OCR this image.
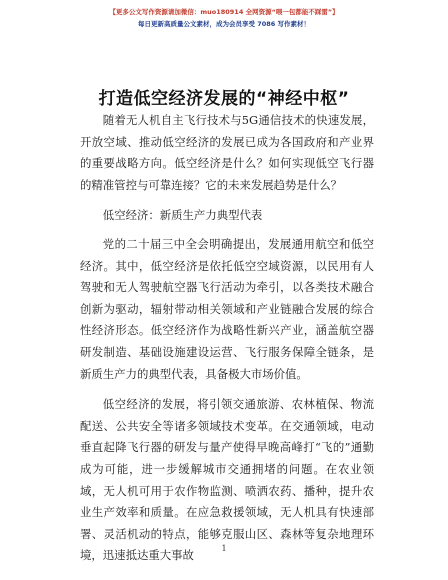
【更多公文写作资源请加微信：muo180914 全网资源“喂一包都能不踩雷”】
每日更新高质量公文素材，成为会员享受 7086 写作素材！
打造低空经济发展的“神经中枢”

随着无人机自主飞行技术与5G通信技术的快速发展，开放空域、推动低空经济的发展已成为各国政府和产业界的重要战略方向。低空经济是什么？如何实现低空飞行器的精准管控与可靠连接？它的未来发展趋势是什么？

低空经济：新质生产力典型代表

党的二十届三中全会明确提出，发展通用航空和低空经济。其中，低空经济是依托低空空域资源，以民用有人驾驶和无人驾驶航空器飞行活动为牵引，以各类技术融合创新为驱动，辐射带动相关领域和产业链融合发展的综合性经济形态。低空经济作为战略性新兴产业，涵盖航空器研发制造、基础设施建设运营、飞行服务保障全链条，是新质生产力的典型代表，具备极大市场价值。

低空经济的发展，将引领交通旅游、农林植保、物流配送、公共安全等诸多领域技术变革。在交通领域，电动垂直起降飞行器的研发与量产使得早晚高峰打“飞的”通勤成为可能，进一步缓解城市交通拥堵的问题。在农业领域，无人机可用于农作物监测、喷洒农药、播种，提升农业生产效率和质量。在应急救援领域，无人机具有快速部署、灵活机动的特点，能够克服山区、森林等复杂地理环境，迅速抵达重大事故	1
